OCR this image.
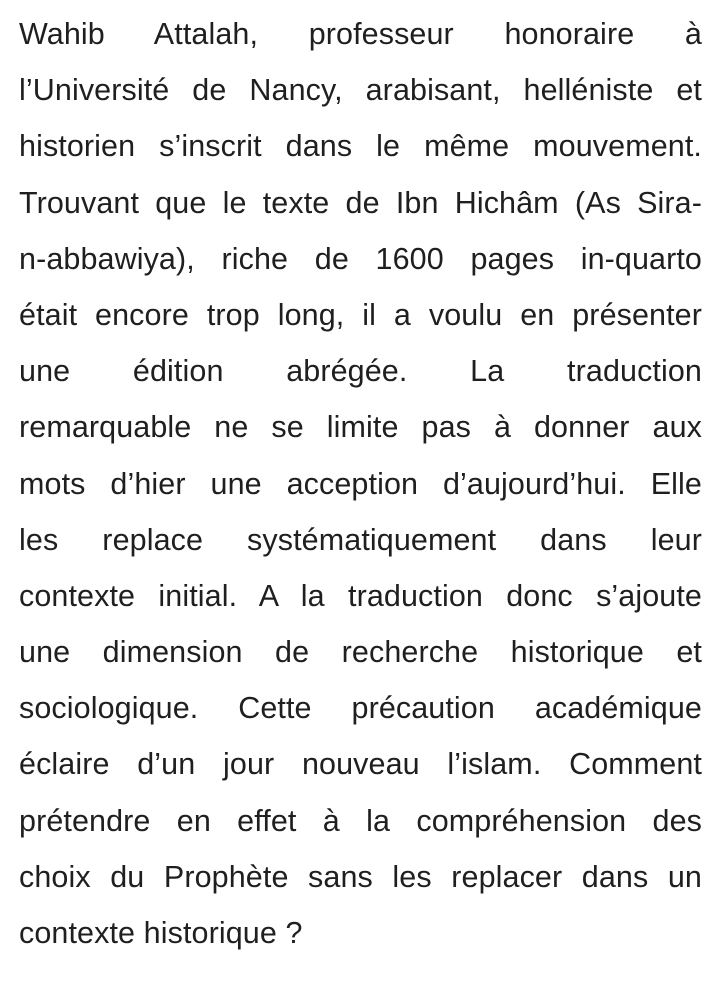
Wahib Attalah, professeur honoraire à
l’Université de Nancy, arabisant, helléniste et
historien s’inscrit dans le même mouvement.
Trouvant que le texte de Ibn Hichâm (As Sira-
n-abbawiya), riche de 1600 pages in-quarto
était encore trop long, il a voulu en présenter
une édition abrégée. La traduction
remarquable ne se limite pas à donner aux
mots d’hier une acception d’aujourd’hui. Elle
les replace systématiquement dans leur
contexte initial. A la traduction donc s’ajoute
une dimension de recherche historique et
sociologique. Cette précaution académique
éclaire d’un jour nouveau l’islam. Comment
prétendre en effet à la compréhension des
choix du Prophète sans les replacer dans un
contexte historique ?
